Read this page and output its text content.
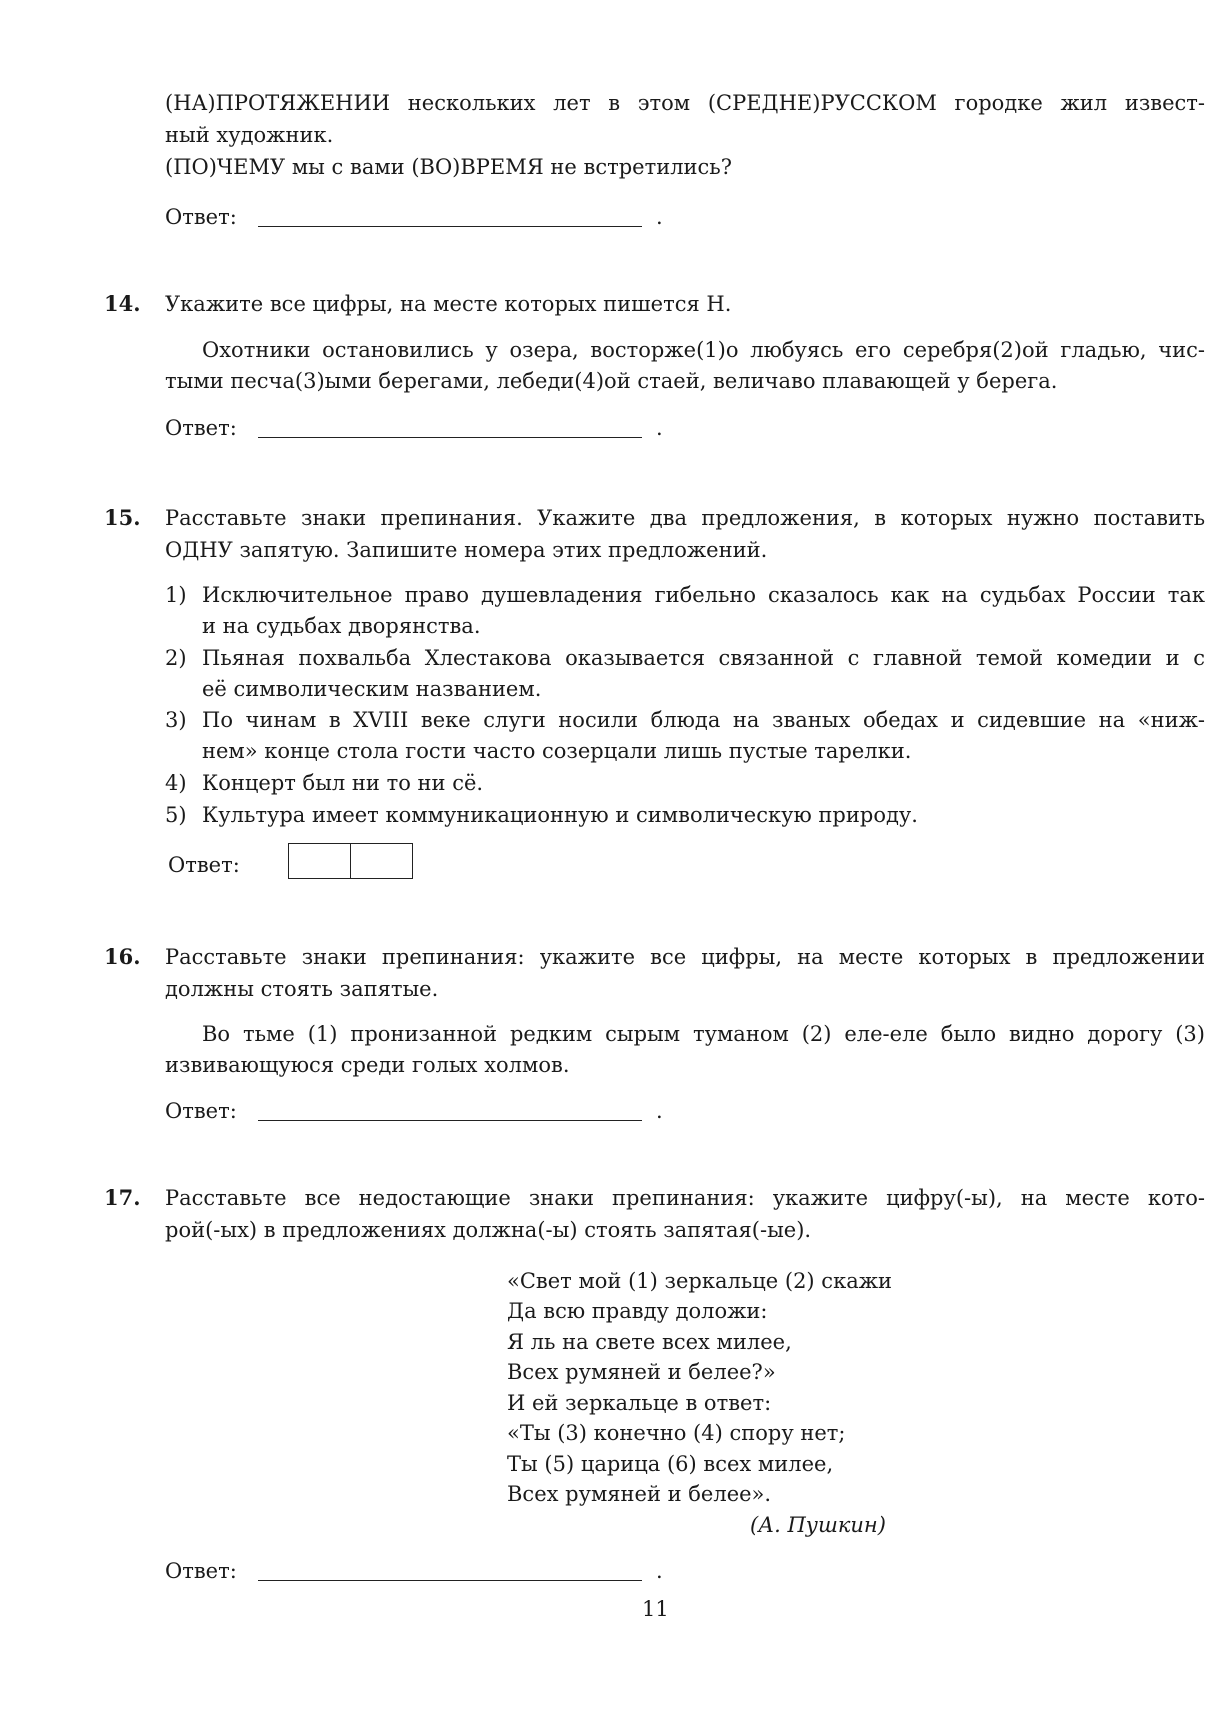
(НА)ПРОТЯЖЕНИИ нескольких лет в этом (СРЕДНЕ)РУССКОМ городке жил извест-
ный художник.
(ПО)ЧЕМУ мы с вами (ВО)ВРЕМЯ не встретились?
Ответ:	.
14. Укажите все цифры, на месте которых пишется Н.
Охотники остановились у озера, восторже(1)о любуясь его серебря(2)ой гладью, чис-
тыми песча(3)ыми берегами, лебеди(4)ой стаей, величаво плавающей у берега.
Ответ:	.
15. Расставьте знаки препинания. Укажите два предложения, в которых нужно поставить
ОДНУ запятую. Запишите номера этих предложений.
1) Исключительное право душевладения гибельно сказалось как на судьбах России так
и на судьбах дворянства.
2) Пьяная похвальба Хлестакова оказывается связанной с главной темой комедии и с
её символическим названием.
3) По чинам в XVIII веке слуги носили блюда на званых обедах и сидевшие на «ниж-
нем» конце стола гости часто созерцали лишь пустые тарелки.
4) Концерт был ни то ни сё.
5) Культура имеет коммуникационную и символическую природу.
Ответ:
16. Расставьте знаки препинания: укажите все цифры, на месте которых в предложении
должны стоять запятые.
Во тьме (1) пронизанной редким сырым туманом (2) еле-еле было видно дорогу (3)
извивающуюся среди голых холмов.
Ответ:	.
17. Расставьте все недостающие знаки препинания: укажите цифру(-ы), на месте кото-
рой(-ых) в предложениях должна(-ы) стоять запятая(-ые).
«Свет мой (1) зеркальце (2) скажи
Да всю правду доложи:
Я ль на свете всех милее,
Всех румяней и белее?»
И ей зеркальце в ответ:
«Ты (3) конечно (4) спору нет;
Ты (5) царица (6) всех милее,
Всех румяней и белее».
(А. Пушкин)
Ответ:	.
11
